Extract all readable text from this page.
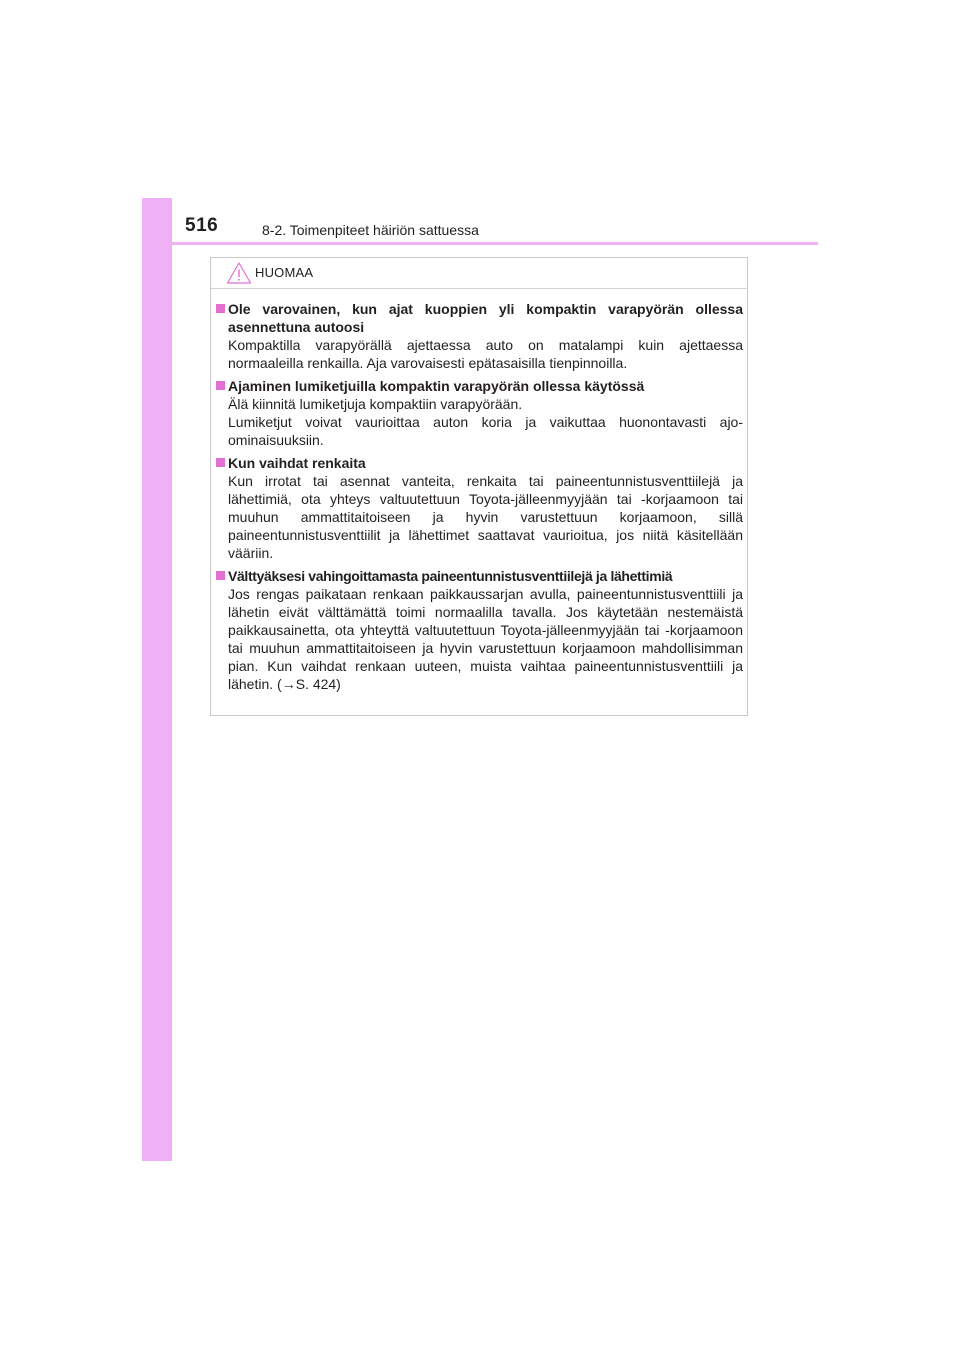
516	8-2. Toimenpiteet häiriön sattuessa
HUOMAA
Ole varovainen, kun ajat kuoppien yli kompaktin varapyörän ollessa asennettuna autoosi
Kompaktilla varapyörällä ajettaessa auto on matalampi kuin ajettaessa normaaleilla renkailla. Aja varovaisesti epätasaisilla tienpinnoilla.
Ajaminen lumiketjuilla kompaktin varapyörän ollessa käytössä
Älä kiinnitä lumiketjuja kompaktiin varapyörään.
Lumiketjut voivat vaurioittaa auton koria ja vaikuttaa huonontavasti ajo-ominaisuuksiin.
Kun vaihdat renkaita
Kun irrotat tai asennat vanteita, renkaita tai paineentunnistusventtiilejä ja lähettimiä, ota yhteys valtuutettuun Toyota-jälleenmyyjään tai -korjaamoon tai muuhun ammattitaitoiseen ja hyvin varustettuun korjaamoon, sillä paineentunnistusventtiilit ja lähettimet saattavat vaurioitua, jos niitä käsitellään vääriin.
Välttyäksesi vahingoittamasta paineentunnistusventtiilejä ja lähettimiä
Jos rengas paikataan renkaan paikkaussarjan avulla, paineentunnistusventtiili ja lähetin eivät välttämättä toimi normaalilla tavalla. Jos käytetään nestemäistä paikkausainetta, ota yhteyttä valtuutettuun Toyota-jälleenmyyjään tai -korjaamoon tai muuhun ammattitaitoiseen ja hyvin varustettuun korjaamoon mahdollisimman pian. Kun vaihdat renkaan uuteen, muista vaihtaa paineentunnistusventtiili ja lähetin. (→S. 424)
